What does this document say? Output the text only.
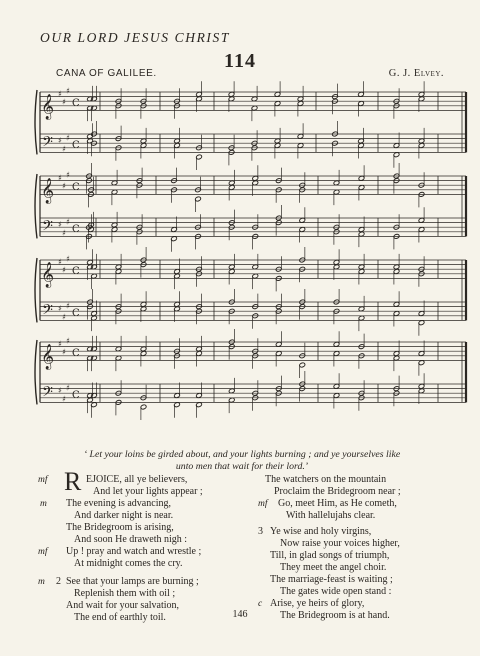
OUR LORD JESUS CHRIST
114
CANA OF GALILEE.	G. J. Elvey.
𝄞
𝄢
♯
♯
♯
♯
♯
♯
C
C
𝄞
𝄢
♯
♯
♯
♯
♯
♯
C
C
𝄞
𝄢
♯
♯
♯
♯
♯
♯
C
C
𝄞
𝄢
♯
♯
♯
♯
♯
♯
C
C
‘ Let your loins be girded about, and your lights burning ; and ye yourselves like
unto men that wait for their lord.’
mf R EJOICE, all ye believers,
And let your lights appear ;
m The evening is advancing,
And darker night is near.
The Bridegroom is arising,
And soon He draweth nigh :
mf Up ! pray and watch and wrestle ;
At midnight comes the cry.
m 2 See that your lamps are burning ;
Replenish them with oil ;
And wait for your salvation,
The end of earthly toil.
The watchers on the mountain
Proclaim the Bridegroom near ;
mf Go, meet Him, as He cometh,
With hallelujahs clear.
3 Ye wise and holy virgins,
Now raise your voices higher,
Till, in glad songs of triumph,
They meet the angel choir.
The marriage-feast is waiting ;
The gates wide open stand :
c Arise, ye heirs of glory,
The Bridegroom is at hand.
146
